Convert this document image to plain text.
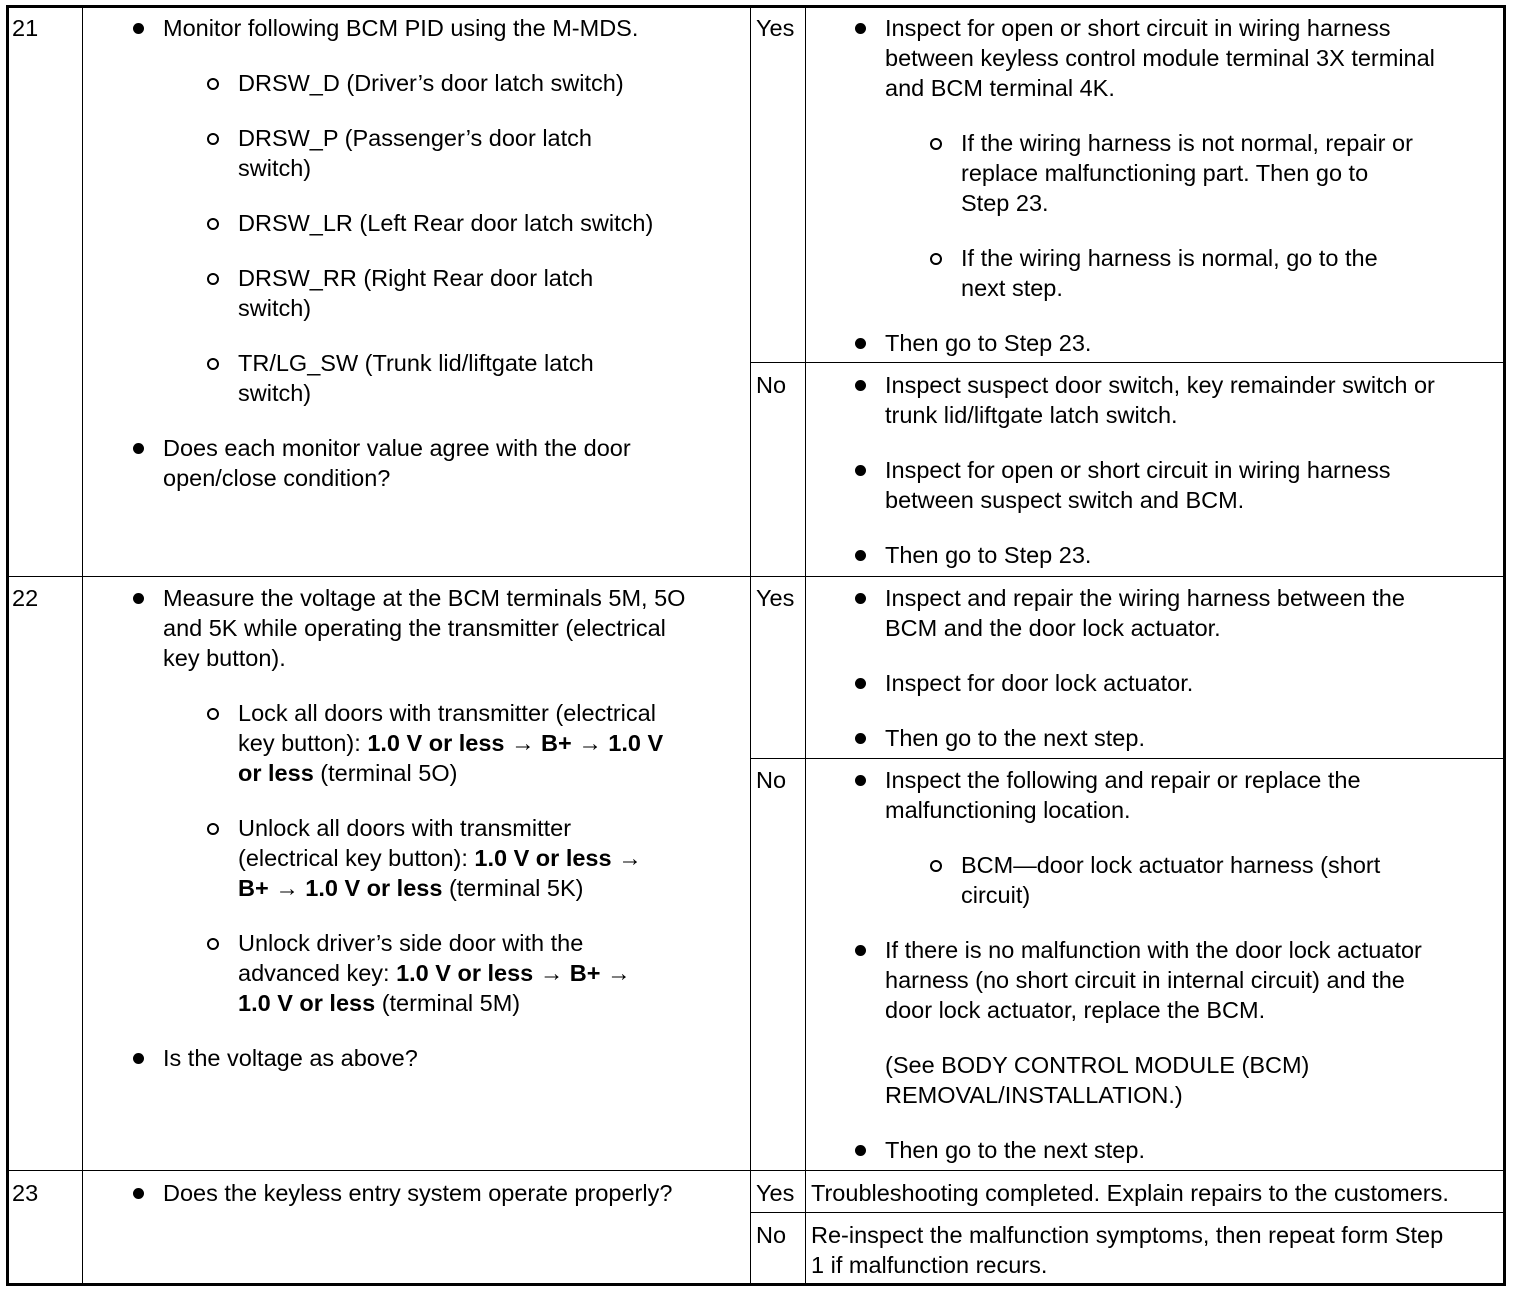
21	Monitor following BCM PID using the M-MDS.
DRSW_D (Driver’s door latch switch)
DRSW_P (Passenger’s door latch
switch)
DRSW_LR (Left Rear door latch switch)
DRSW_RR (Right Rear door latch
switch)
TR/LG_SW (Trunk lid/liftgate latch
switch)
Does each monitor value agree with the door
open/close condition?
Yes	Inspect for open or short circuit in wiring harness
between keyless control module terminal 3X terminal
and BCM terminal 4K.
If the wiring harness is not normal, repair or
replace malfunctioning part. Then go to
Step 23.
If the wiring harness is normal, go to the
next step.
Then go to Step 23.
No	Inspect suspect door switch, key remainder switch or
trunk lid/liftgate latch switch.
Inspect for open or short circuit in wiring harness
between suspect switch and BCM.
Then go to Step 23.
22	Measure the voltage at the BCM terminals 5M, 5O
and 5K while operating the transmitter (electrical
key button).
Lock all doors with transmitter (electrical
key button): 1.0 V or less → B+ → 1.0 V
or less (terminal 5O)
Unlock all doors with transmitter
(electrical key button): 1.0 V or less →
B+ → 1.0 V or less (terminal 5K)
Unlock driver’s side door with the
advanced key: 1.0 V or less → B+ →
1.0 V or less (terminal 5M)
Is the voltage as above?
Yes	Inspect and repair the wiring harness between the
BCM and the door lock actuator.
Inspect for door lock actuator.
Then go to the next step.
No	Inspect the following and repair or replace the
malfunctioning location.
BCM—door lock actuator harness (short
circuit)
If there is no malfunction with the door lock actuator
harness (no short circuit in internal circuit) and the
door lock actuator, replace the BCM.
(See BODY CONTROL MODULE (BCM)
REMOVAL/INSTALLATION.)
Then go to the next step.
23	Does the keyless entry system operate properly?	Yes Troubleshooting completed. Explain repairs to the customers.
No Re-inspect the malfunction symptoms, then repeat form Step
1 if malfunction recurs.
